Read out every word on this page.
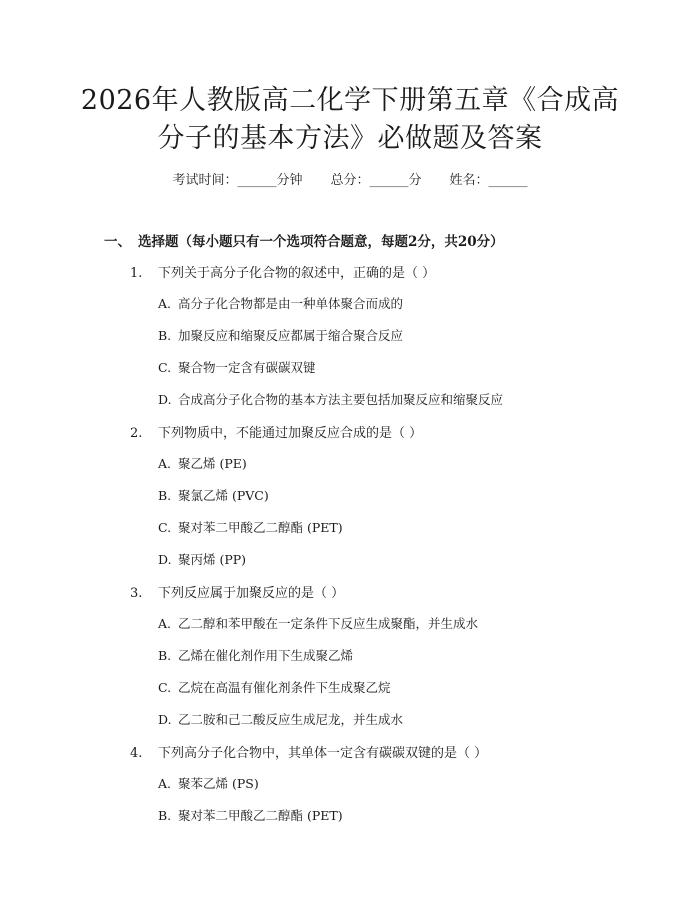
2026年人教版高二化学下册第五章《合成高
分子的基本方法》必做题及答案
考试时间：______分钟 总分：______分 姓名：______
一、 选择题（每小题只有一个选项符合题意，每题2分，共20分）
1. 下列关于高分子化合物的叙述中，正确的是（ ）
A. 高分子化合物都是由一种单体聚合而成的
B. 加聚反应和缩聚反应都属于缩合聚合反应
C. 聚合物一定含有碳碳双键
D. 合成高分子化合物的基本方法主要包括加聚反应和缩聚反应
2. 下列物质中，不能通过加聚反应合成的是（ ）
A. 聚乙烯 (PE)
B. 聚氯乙烯 (PVC)
C. 聚对苯二甲酸乙二醇酯 (PET)
D. 聚丙烯 (PP)
3. 下列反应属于加聚反应的是（ ）
A. 乙二醇和苯甲酸在一定条件下反应生成聚酯，并生成水
B. 乙烯在催化剂作用下生成聚乙烯
C. 乙烷在高温有催化剂条件下生成聚乙烷
D. 乙二胺和己二酸反应生成尼龙，并生成水
4. 下列高分子化合物中，其单体一定含有碳碳双键的是（ ）
A. 聚苯乙烯 (PS)
B. 聚对苯二甲酸乙二醇酯 (PET)
